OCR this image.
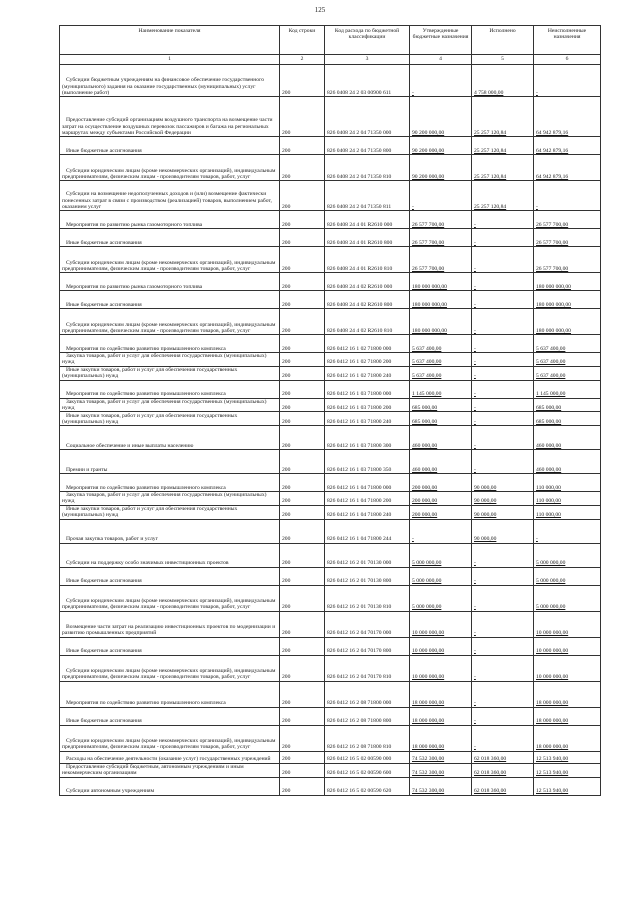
125
Наименование показателя	Код строки	Код расхода по бюджетной классификации	Утвержденные бюджетные назначения	Исполнено	Неисполненные назначения
1	2	3	4	5	6
Субсидии бюджетным учреждениям на финансовое обеспечение государственного (муниципального) задания на оказание государственных (муниципальных) услуг (выполнение работ)	200	826 0408 24 2 03 00900 611	-	4 758 000,00	-
Предоставление субсидий организациям воздушного транспорта на возмещение части затрат на осуществление воздушных перевозок пассажиров и багажа на региональных маршрутах между субъектами Российской Федерации	200	826 0408 24 2 04 71350 000	90 200 000,00	25 257 120,84	64 942 879,16
Иные бюджетные ассигнования	200	826 0408 24 2 04 71350 800	90 200 000,00	25 257 120,84	64 942 879,16
Субсидии юридическим лицам (кроме некоммерческих организаций), индивидуальным предпринимателям, физическим лицам - производителям товаров, работ, услуг	200	826 0408 24 2 04 71350 810	90 200 000,00	25 257 120,84	64 942 879,16
Субсидии на возмещение недополученных доходов и (или) возмещение фактически понесенных затрат в связи с производством (реализацией) товаров, выполнением работ, оказанием услуг	200	826 0408 24 2 04 71350 811	-	25 257 120,84	-
Мероприятия по развитию рынка газомоторного топлива	200	826 0408 24 4 01 R2610 000	26 577 700,00	-	26 577 700,00
Иные бюджетные ассигнования	200	826 0408 24 4 01 R2610 800	26 577 700,00	-	26 577 700,00
Субсидии юридическим лицам (кроме некоммерческих организаций), индивидуальным предпринимателям, физическим лицам - производителям товаров, работ, услуг	200	826 0408 24 4 01 R2610 810	26 577 700,00	-	26 577 700,00
Мероприятия по развитию рынка газомоторного топлива	200	826 0408 24 4 02 R2610 000	180 000 000,00	-	180 000 000,00
Иные бюджетные ассигнования	200	826 0408 24 4 02 R2610 800	180 000 000,00	-	180 000 000,00
Субсидии юридическим лицам (кроме некоммерческих организаций), индивидуальным предпринимателям, физическим лицам - производителям товаров, работ, услуг	200	826 0408 24 4 02 R2610 810	180 000 000,00	-	180 000 000,00
Мероприятия по содействию развитию промышленного комплекса	200	826 0412 16 1 02 71800 000	5 637 400,00	-	5 637 400,00
Закупка товаров, работ и услуг для обеспечения государственных (муниципальных) нужд	200	826 0412 16 1 02 71800 200	5 637 400,00	-	5 637 400,00
Иные закупки товаров, работ и услуг для обеспечения государственных (муниципальных) нужд	200	826 0412 16 1 02 71800 240	5 637 400,00	-	5 637 400,00
Мероприятия по содействию развитию промышленного комплекса	200	826 0412 16 1 03 71800 000	1 145 000,00	-	1 145 000,00
Закупка товаров, работ и услуг для обеспечения государственных (муниципальных) нужд	200	826 0412 16 1 03 71800 200	685 000,00	-	685 000,00
Иные закупки товаров, работ и услуг для обеспечения государственных (муниципальных) нужд	200	826 0412 16 1 03 71800 240	685 000,00	-	685 000,00
Социальное обеспечение и иные выплаты населению	200	826 0412 16 1 03 71800 300	460 000,00	-	460 000,00
Премии и гранты	200	826 0412 16 1 03 71800 350	460 000,00	-	460 000,00
Мероприятия по содействию развитию промышленного комплекса	200	826 0412 16 1 04 71800 000	200 000,00	90 000,00	110 000,00
Закупка товаров, работ и услуг для обеспечения государственных (муниципальных) нужд	200	826 0412 16 1 04 71800 200	200 000,00	90 000,00	110 000,00
Иные закупки товаров, работ и услуг для обеспечения государственных (муниципальных) нужд	200	826 0412 16 1 04 71800 240	200 000,00	90 000,00	110 000,00
Прочая закупка товаров, работ и услуг	200	826 0412 16 1 04 71800 244	-	90 000,00	-
Субсидии на поддержку особо значимых инвестиционных проектов	200	826 0412 16 2 01 70130 000	5 000 000,00	-	5 000 000,00
Иные бюджетные ассигнования	200	826 0412 16 2 01 70130 800	5 000 000,00	-	5 000 000,00
Субсидии юридическим лицам (кроме некоммерческих организаций), индивидуальным предпринимателям, физическим лицам - производителям товаров, работ, услуг	200	826 0412 16 2 01 70130 810	5 000 000,00	-	5 000 000,00
Возмещение части затрат на реализацию инвестиционных проектов по модернизации и развитию промышленных предприятий	200	826 0412 16 2 04 70170 000	10 000 000,00	-	10 000 000,00
Иные бюджетные ассигнования	200	826 0412 16 2 04 70170 800	10 000 000,00	-	10 000 000,00
Субсидии юридическим лицам (кроме некоммерческих организаций), индивидуальным предпринимателям, физическим лицам - производителям товаров, работ, услуг	200	826 0412 16 2 04 70170 810	10 000 000,00	-	10 000 000,00
Мероприятия по содействию развитию промышленного комплекса	200	826 0412 16 2 08 71800 000	18 000 000,00	-	18 000 000,00
Иные бюджетные ассигнования	200	826 0412 16 2 08 71800 800	18 000 000,00	-	18 000 000,00
Субсидии юридическим лицам (кроме некоммерческих организаций), индивидуальным предпринимателям, физическим лицам - производителям товаров, работ, услуг	200	826 0412 16 2 08 71800 810	18 000 000,00	-	18 000 000,00
Расходы на обеспечение деятельности (оказание услуг) государственных учреждений	200	826 0412 16 5 02 00590 000	74 532 300,00	62 018 360,00	12 513 940,00
Предоставление субсидий бюджетным, автономным учреждениям и иным некоммерческим организациям	200	826 0412 16 5 02 00590 600	74 532 300,00	62 018 360,00	12 513 940,00
Субсидии автономным учреждениям	200	826 0412 16 5 02 00590 620	74 532 300,00	62 018 360,00	12 513 940,00
